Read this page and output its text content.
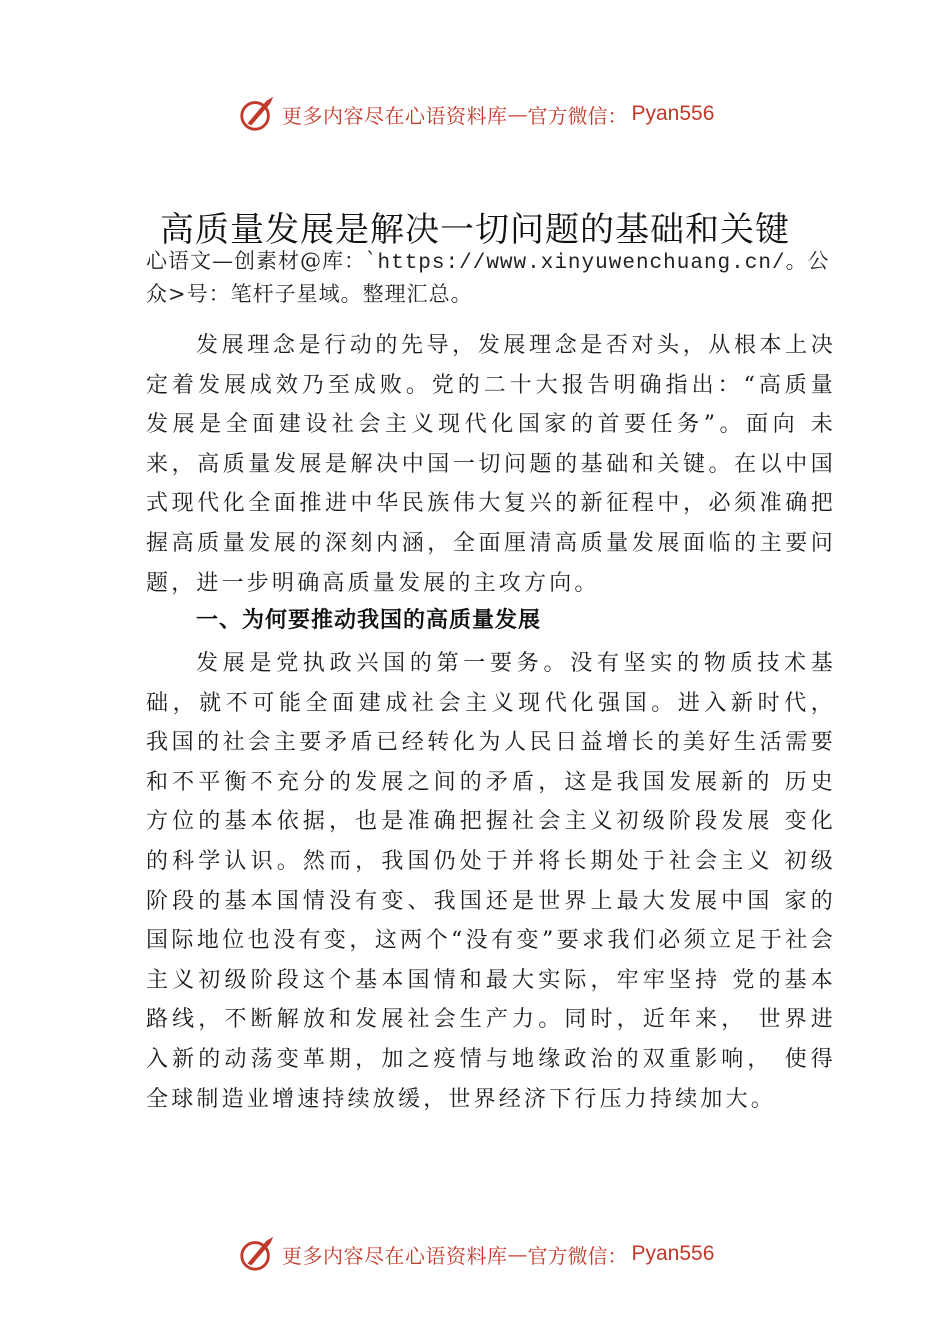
更多内容尽在心语资料库 — 官方微信： Pyan556
高质量发展是解决一切问题的基础和关键
心语文—创素材@库：`https://www.xinyuwenchuang.cn/。公众>号：笔杆子星域。整理汇总。
发展理念是行动的先导，发展理念是否对头，从根本上决定着发展成效乃至成败。党的二十大报告明确指出：“高质量发展是全面建设社会主义现代化国家的首要任务”。面向 未来，高质量发展是解决中国一切问题的基础和关键。在以中国式现代化全面推进中华民族伟大复兴的新征程中，必须准确把握高质量发展的深刻内涵，全面厘清高质量发展面临的主要问题，进一步明确高质量发展的主攻方向。
一、为何要推动我国的高质量发展
发展是党执政兴国的第一要务。没有坚实的物质技术基础，就不可能全面建成社会主义现代化强国。进入新时代， 我国的社会主要矛盾已经转化为人民日益增长的美好生活需要和不平衡不充分的发展之间的矛盾，这是我国发展新的 历史方位的基本依据，也是准确把握社会主义初级阶段发展 变化的科学认识。然而，我国仍处于并将长期处于社会主义 初级阶段的基本国情没有变、我国还是世界上最大发展中国 家的国际地位也没有变，这两个“没有变”要求我们必须立足于社会主义初级阶段这个基本国情和最大实际，牢牢坚持 党的基本路线，不断解放和发展社会生产力。同时，近年来， 世界进入新的动荡变革期，加之疫情与地缘政治的双重影响， 使得全球制造业增速持续放缓，世界经济下行压力持续加大。
更多内容尽在心语资料库 — 官方微信： Pyan556
